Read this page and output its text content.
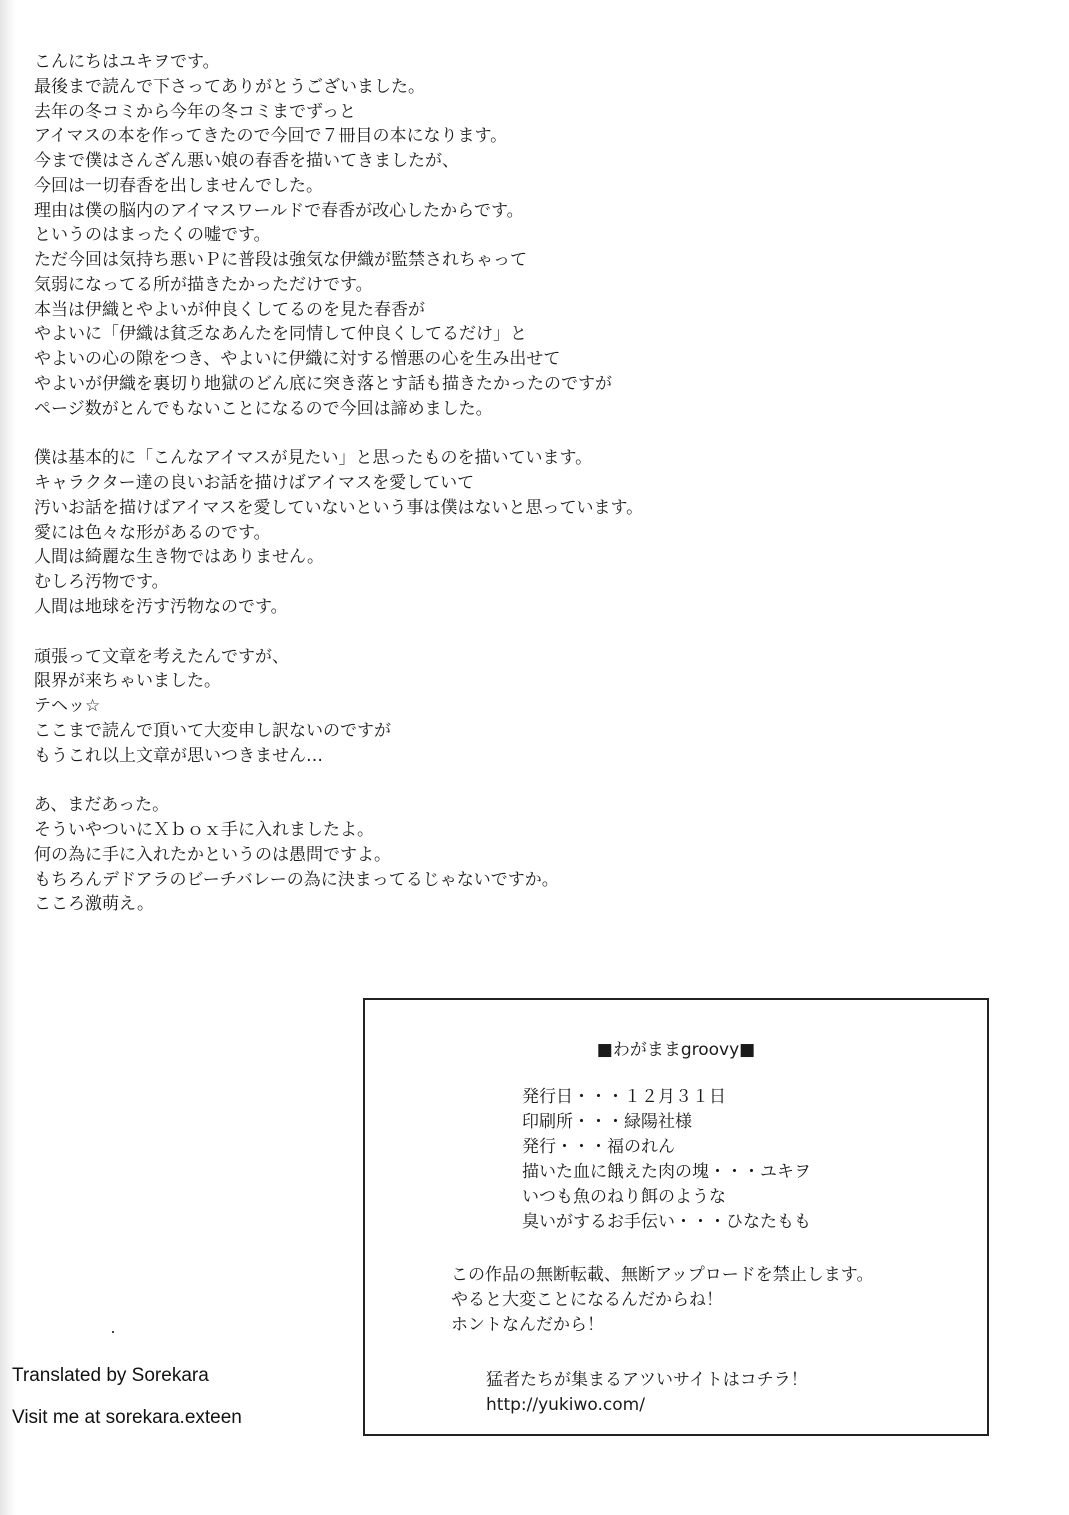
こんにちはユキヲです。
最後まで読んで下さってありがとうございました。
去年の冬コミから今年の冬コミまでずっと
アイマスの本を作ってきたので今回で７冊目の本になります。
今まで僕はさんざん悪い娘の春香を描いてきましたが、
今回は一切春香を出しませんでした。
理由は僕の脳内のアイマスワールドで春香が改心したからです。
というのはまったくの嘘です。
ただ今回は気持ち悪いＰに普段は強気な伊織が監禁されちゃって
気弱になってる所が描きたかっただけです。
本当は伊織とやよいが仲良くしてるのを見た春香が
やよいに「伊織は貧乏なあんたを同情して仲良くしてるだけ」と
やよいの心の隙をつき、やよいに伊織に対する憎悪の心を生み出せて
やよいが伊織を裏切り地獄のどん底に突き落とす話も描きたかったのですが
ページ数がとんでもないことになるので今回は諦めました。
僕は基本的に「こんなアイマスが見たい」と思ったものを描いています。
キャラクター達の良いお話を描けばアイマスを愛していて
汚いお話を描けばアイマスを愛していないという事は僕はないと思っています。
愛には色々な形があるのです。
人間は綺麗な生き物ではありません。
むしろ汚物です。
人間は地球を汚す汚物なのです。
頑張って文章を考えたんですが、
限界が来ちゃいました。
テヘッ☆
ここまで読んで頂いて大変申し訳ないのですが
もうこれ以上文章が思いつきません…
あ、まだあった。
そういやついにＸｂｏｘ手に入れましたよ。
何の為に手に入れたかというのは愚問ですよ。
もちろんデドアラのビーチバレーの為に決まってるじゃないですか。
こころ激萌え。
■わがままgroovy■
発行日・・・１２月３１日
印刷所・・・緑陽社様
発行・・・福のれん
描いた血に餓えた肉の塊・・・ユキヲ
いつも魚のねり餌のような
臭いがするお手伝い・・・ひなたもも
この作品の無断転載、無断アップロードを禁止します。
やると大変ことになるんだからね！
ホントなんだから！
猛者たちが集まるアツいサイトはコチラ！
http://yukiwo.com/
Translated by Sorekara
Visit me at sorekara.exteen
